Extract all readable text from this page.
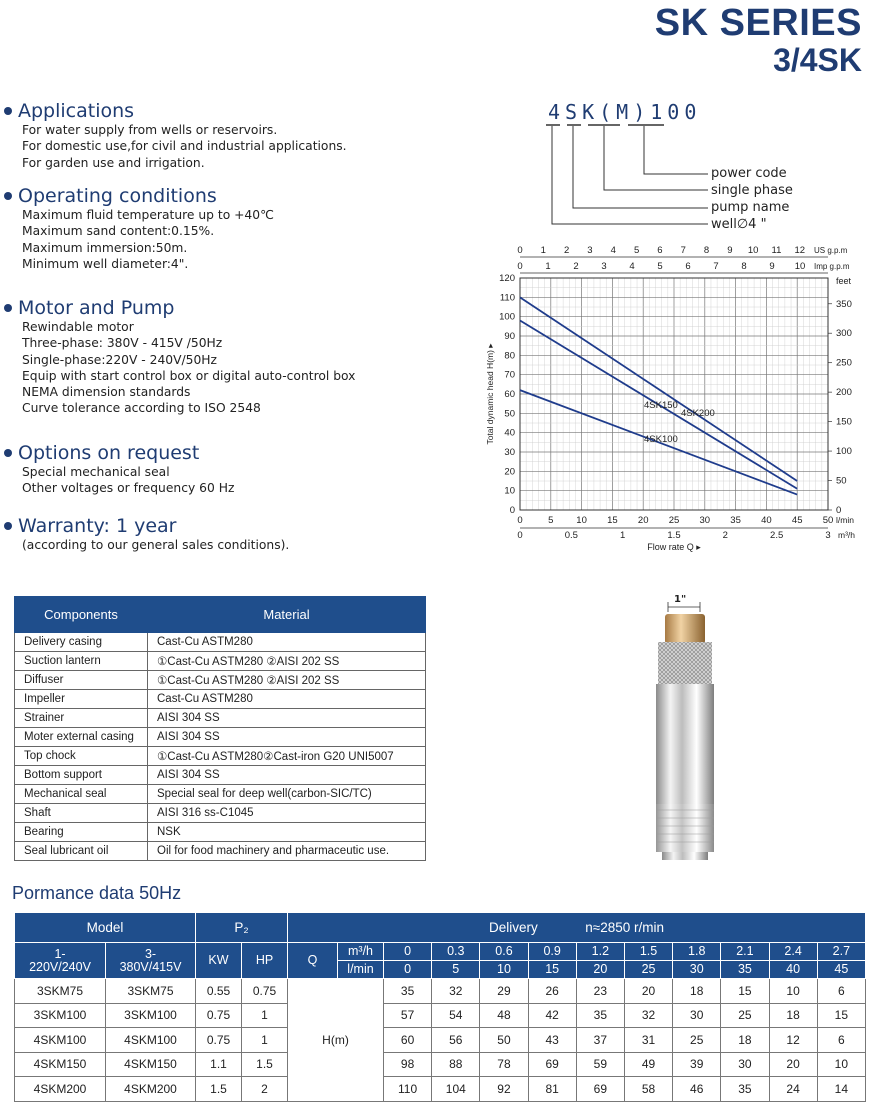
SK SERIES
3/4SK
Applications
For water supply from wells or reservoirs.
For domestic use,for civil and industrial applications.
For garden use and irrigation.
Operating conditions
Maximum fluid temperature up to +40℃
Maximum sand content:0.15%.
Maximum immersion:50m.
Minimum well diameter:4".
Motor and Pump
Rewindable motor
Three-phase: 380V - 415V /50Hz
Single-phase:220V - 240V/50Hz
Equip with start control box or digital auto-control box
NEMA dimension standards
Curve tolerance according to ISO 2548
Options on request
Special mechanical seal
Other voltages or frequency 60 Hz
Warranty: 1 year
(according to our general sales conditions).
4SK(M)100
power code
single phase
pump name
well∅4 "
0
10
20
30
40
50
60
70
80
90
100
110
120
0	5 10 15 20 25 30 35 40 45 50 l/min
0	0.5	1	1.5	2	2.5	3 m³/h
Flow rate Q ▸
0 1 2 3 4 5 6 7 8 9 10 11 12 US g.p.m
0 1 2 3 4 5 6 7 8 9 10 Imp g.p.m
0
50
100
150
200
250
300
350
feet
Total dynamic head H(m) ▸	4SK200
4SK150
4SK100
Components	Material
Delivery casing	Cast-Cu ASTM280
Suction lantern	①Cast-Cu ASTM280 ②AISI 202 SS
Diffuser	①Cast-Cu ASTM280 ②AISI 202 SS
Impeller	Cast-Cu ASTM280
Strainer	AISI 304 SS
Moter external casing	AISI 304 SS
Top chock	①Cast-Cu ASTM280②Cast-iron G20 UNI5007
Bottom support	AISI 304 SS
Mechanical seal	Special seal for deep well(carbon-SIC/TC)
Shaft	AISI 316 ss-C1045
Bearing	NSK
Seal lubricant oil	Oil for food machinery and pharmaceutic use.
1"
Pormance data 50Hz
Model		P₂		Delivery n≈2850 r/min											
1-
220V/240V	3-
380V/415V	KW	HP	Q	m³/h	0	0.3	0.6	0.9	1.2	1.5	1.8	2.1	2.4	2.7
					l/min	0	5	10	15	20	25	30	35	40	45
3SKM75	3SKM75	0.55	0.75	H(m)		35	32	29	26	23	20	18	15	10	6
3SKM100	3SKM100	0.75	1			57	54	48	42	35	32	30	25	18	15
4SKM100	4SKM100	0.75	1			60	56	50	43	37	31	25	18	12	6
4SKM150	4SKM150	1.1	1.5			98	88	78	69	59	49	39	30	20	10
4SKM200	4SKM200	1.5	2			110	104	92	81	69	58	46	35	24	14
